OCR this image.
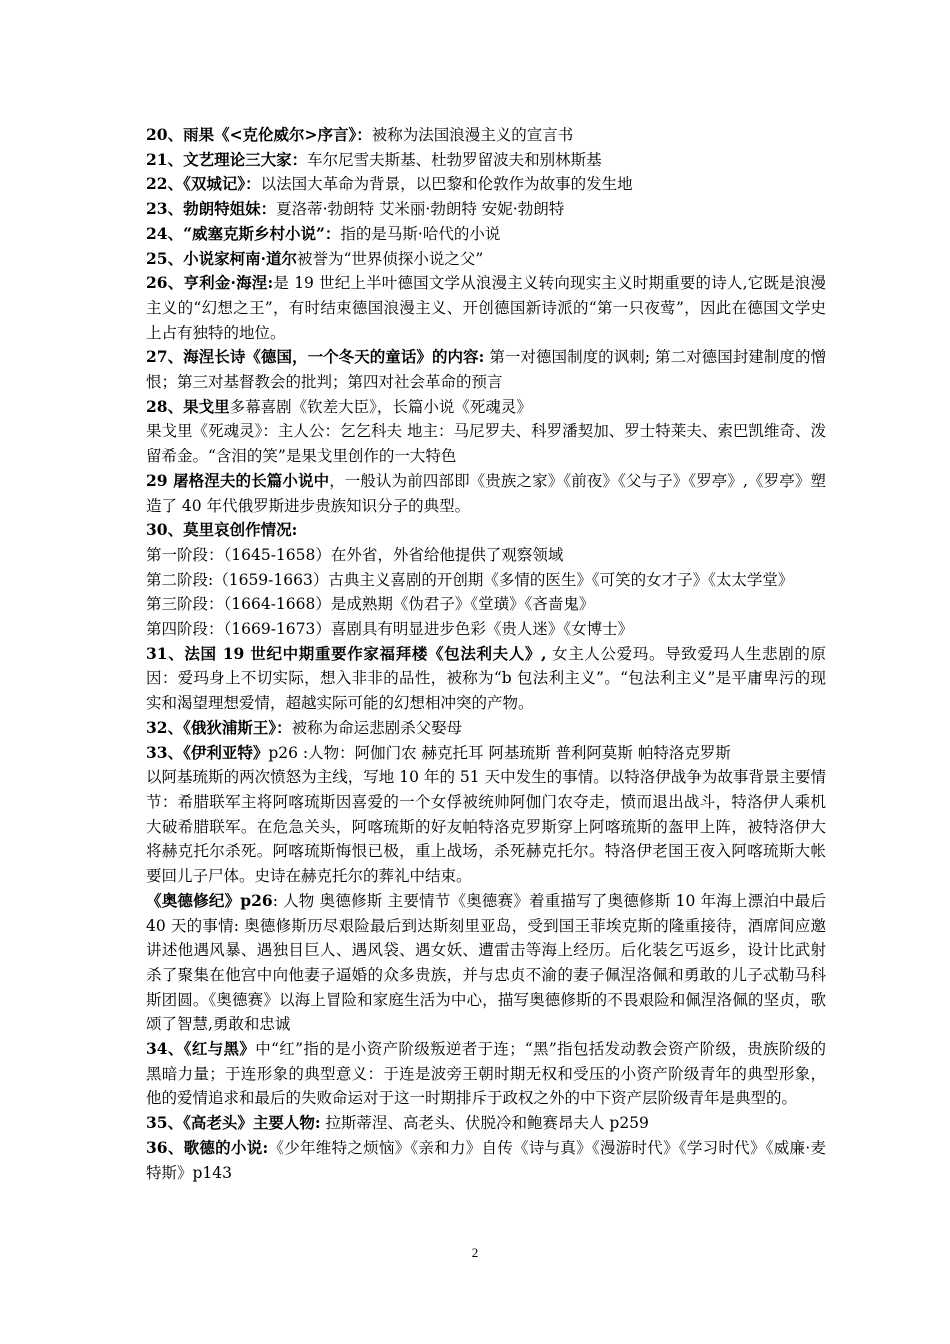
20、雨果《<克伦威尔>序言》：被称为法国浪漫主义的宣言书

21、文艺理论三大家：车尔尼雪夫斯基、杜勃罗留波夫和别林斯基

22、《双城记》：以法国大革命为背景，以巴黎和伦敦作为故事的发生地

23、勃朗特姐妹：夏洛蒂·勃朗特 艾米丽·勃朗特 安妮·勃朗特

24、“威塞克斯乡村小说”：指的是马斯·哈代的小说

25、小说家柯南·道尔被誉为“世界侦探小说之父”

26、亨利金·海涅:是 19 世纪上半叶德国文学从浪漫主义转向现实主义时期重要的诗人,它既是浪漫主义的“幻想之王”，有时结束德国浪漫主义、开创德国新诗派的“第一只夜莺”，因此在德国文学史上占有独特的地位。

27、海涅长诗《德国，一个冬天的童话》的内容: 第一对德国制度的讽刺; 第二对德国封建制度的憎恨；第三对基督教会的批判；第四对社会革命的预言

28、果戈里多幕喜剧《钦差大臣》，长篇小说《死魂灵》

果戈里《死魂灵》：主人公：乞乞科夫 地主：马尼罗夫、科罗潘契加、罗士特莱夫、索巴凯维奇、泼留希金。“含泪的笑”是果戈里创作的一大特色

29 屠格涅夫的长篇小说中，一般认为前四部即《贵族之家》《前夜》《父与子》《罗亭》,《罗亭》塑造了 40 年代俄罗斯进步贵族知识分子的典型。

30、莫里哀创作情况:

第一阶段：（1645-1658）在外省，外省给他提供了观察领域

第二阶段:（1659-1663）古典主义喜剧的开创期《多情的医生》《可笑的女才子》《太太学堂》

第三阶段：（1664-1668）是成熟期《伪君子》《堂璜》《吝啬鬼》

第四阶段：（1669-1673）喜剧具有明显进步色彩《贵人迷》《女博士》

31、法国 19 世纪中期重要作家福拜楼《包法利夫人》, 女主人公爱玛。导致爱玛人生悲剧的原因：爱玛身上不切实际，想入非非的品性，被称为“b 包法利主义”。“包法利主义”是平庸卑污的现实和渴望理想爱情，超越实际可能的幻想相冲突的产物。

32、《俄狄浦斯王》：被称为命运悲剧杀父娶母

33、《伊利亚特》p26 :人物：阿伽门农 赫克托耳 阿基琉斯 普利阿莫斯 帕特洛克罗斯

以阿基琉斯的两次愤怒为主线，写地 10 年的 51 天中发生的事情。以特洛伊战争为故事背景主要情节：希腊联军主将阿喀琉斯因喜爱的一个女俘被统帅阿伽门农夺走，愤而退出战斗，特洛伊人乘机大破希腊联军。在危急关头，阿喀琉斯的好友帕特洛克罗斯穿上阿喀琉斯的盔甲上阵，被特洛伊大将赫克托尔杀死。阿喀琉斯悔恨已极，重上战场，杀死赫克托尔。特洛伊老国王夜入阿喀琉斯大帐要回儿子尸体。史诗在赫克托尔的葬礼中结束。

《奥德修纪》p26: 人物 奥德修斯 主要情节《奥德赛》着重描写了奥德修斯 10 年海上漂泊中最后 40 天的事情: 奥德修斯历尽艰险最后到达斯刻里亚岛，受到国王菲埃克斯的隆重接待，酒席间应邀讲述他遇风暴、遇独目巨人、遇风袋、遇女妖、遭雷击等海上经历。后化装乞丐返乡，设计比武射杀了聚集在他宫中向他妻子逼婚的众多贵族，并与忠贞不渝的妻子佩涅洛佩和勇敢的儿子忒勒马科斯团圆。《奥德赛》以海上冒险和家庭生活为中心，描写奥德修斯的不畏艰险和佩涅洛佩的坚贞，歌颂了智慧,勇敢和忠诚

34、《红与黑》中“红”指的是小资产阶级叛逆者于连；“黑”指包括发动教会资产阶级，贵族阶级的黑暗力量；于连形象的典型意义：于连是波旁王朝时期无权和受压的小资产阶级青年的典型形象，他的爱情追求和最后的失败命运对于这一时期排斥于政权之外的中下资产层阶级青年是典型的。

35、《高老头》主要人物: 拉斯蒂涅、高老头、伏脱冷和鲍赛昂夫人 p259

36、歌德的小说:《少年维特之烦恼》《亲和力》自传《诗与真》《漫游时代》《学习时代》《威廉·麦特斯》p143

2
